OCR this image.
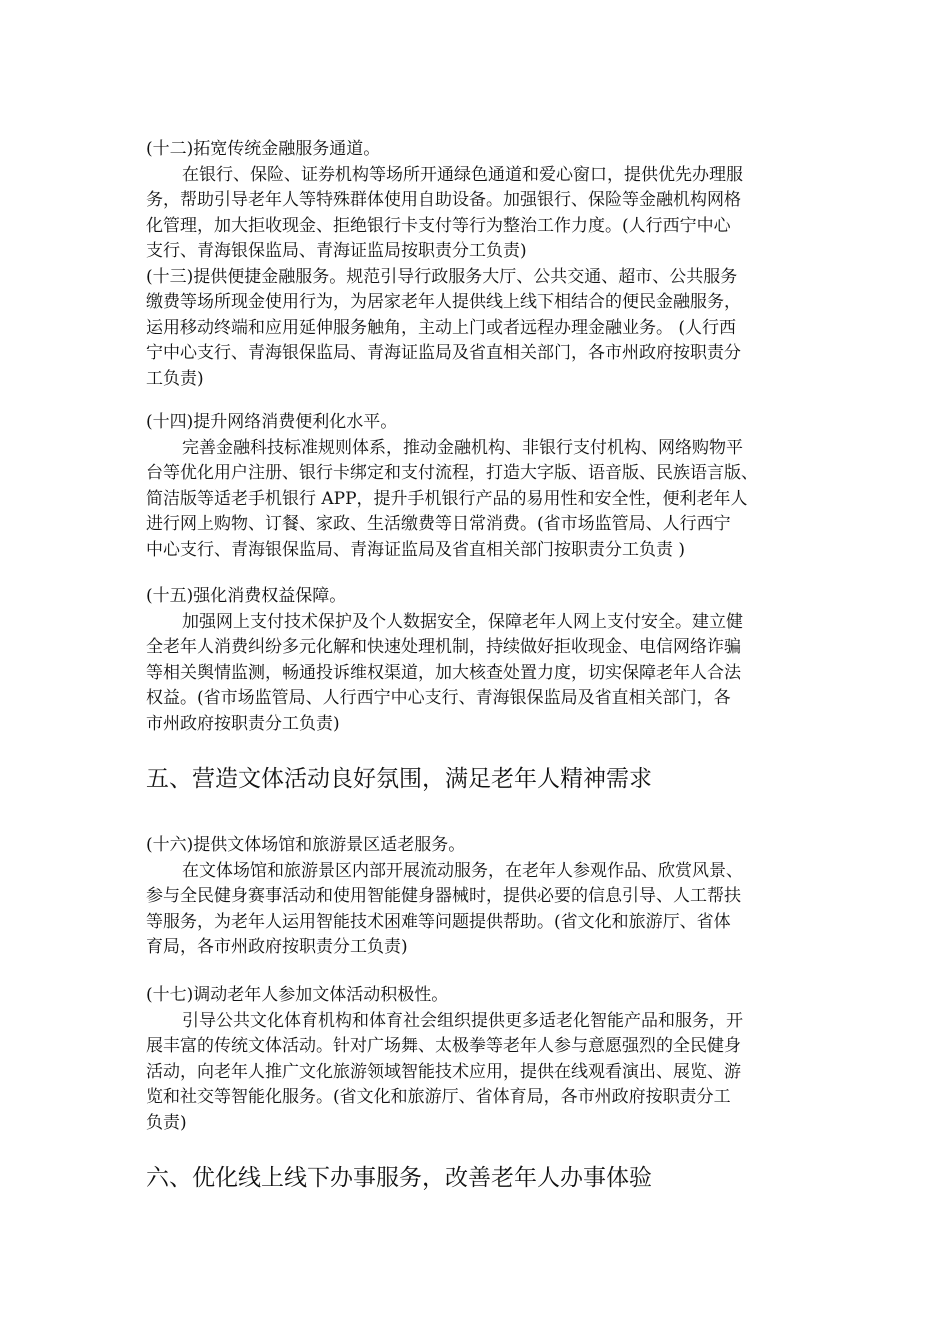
(十二)拓宽传统金融服务通道。
在银行、保险、证券机构等场所开通绿色通道和爱心窗口，提供优先办理服
务，帮助引导老年人等特殊群体使用自助设备。加强银行、保险等金融机构网格
化管理，加大拒收现金、拒绝银行卡支付等行为整治工作力度。(人行西宁中心
支行、青海银保监局、青海证监局按职责分工负责)
(十三)提供便捷金融服务。规范引导行政服务大厅、公共交通、超市、公共服务
缴费等场所现金使用行为，为居家老年人提供线上线下相结合的便民金融服务，
运用移动终端和应用延伸服务触角，主动上门或者远程办理金融业务。 (人行西
宁中心支行、青海银保监局、青海证监局及省直相关部门，各市州政府按职责分
工负责)
(十四)提升网络消费便利化水平。
完善金融科技标准规则体系，推动金融机构、非银行支付机构、网络购物平
台等优化用户注册、银行卡绑定和支付流程，打造大字版、语音版、民族语言版、
简洁版等适老手机银行 APP，提升手机银行产品的易用性和安全性，便利老年人
进行网上购物、订餐、家政、生活缴费等日常消费。(省市场监管局、人行西宁
中心支行、青海银保监局、青海证监局及省直相关部门按职责分工负责 )
(十五)强化消费权益保障。
加强网上支付技术保护及个人数据安全，保障老年人网上支付安全。建立健
全老年人消费纠纷多元化解和快速处理机制，持续做好拒收现金、电信网络诈骗
等相关舆情监测，畅通投诉维权渠道，加大核查处置力度，切实保障老年人合法
权益。(省市场监管局、人行西宁中心支行、青海银保监局及省直相关部门，各
市州政府按职责分工负责)
五、营造文体活动良好氛围，满足老年人精神需求
(十六)提供文体场馆和旅游景区适老服务。
在文体场馆和旅游景区内部开展流动服务，在老年人参观作品、欣赏风景、
参与全民健身赛事活动和使用智能健身器械时，提供必要的信息引导、人工帮扶
等服务，为老年人运用智能技术困难等问题提供帮助。(省文化和旅游厅、省体
育局，各市州政府按职责分工负责)
(十七)调动老年人参加文体活动积极性。
引导公共文化体育机构和体育社会组织提供更多适老化智能产品和服务，开
展丰富的传统文体活动。针对广场舞、太极拳等老年人参与意愿强烈的全民健身
活动，向老年人推广文化旅游领域智能技术应用，提供在线观看演出、展览、游
览和社交等智能化服务。(省文化和旅游厅、省体育局，各市州政府按职责分工
负责)
六、优化线上线下办事服务，改善老年人办事体验
